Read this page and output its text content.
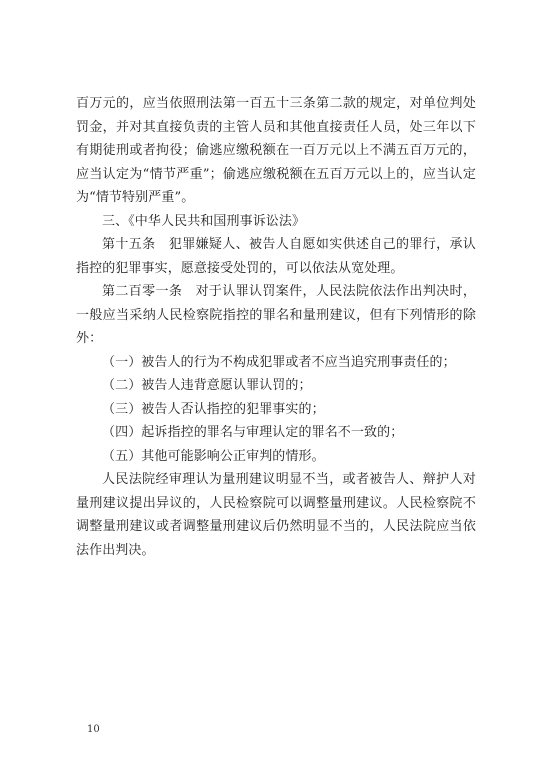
百万元的，应当依照刑法第一百五十三条第二款的规定，对单位判处罚金，并对其直接负责的主管人员和其他直接责任人员，处三年以下有期徒刑或者拘役；偷逃应缴税额在一百万元以上不满五百万元的，应当认定为“情节严重”；偷逃应缴税额在五百万元以上的，应当认定为“情节特别严重”。

三、《中华人民共和国刑事诉讼法》

第十五条　犯罪嫌疑人、被告人自愿如实供述自己的罪行，承认指控的犯罪事实，愿意接受处罚的，可以依法从宽处理。

第二百零一条　对于认罪认罚案件，人民法院依法作出判决时，一般应当采纳人民检察院指控的罪名和量刑建议，但有下列情形的除外：

（一）被告人的行为不构成犯罪或者不应当追究刑事责任的；

（二）被告人违背意愿认罪认罚的；

（三）被告人否认指控的犯罪事实的；

（四）起诉指控的罪名与审理认定的罪名不一致的；

（五）其他可能影响公正审判的情形。

人民法院经审理认为量刑建议明显不当，或者被告人、辩护人对量刑建议提出异议的，人民检察院可以调整量刑建议。人民检察院不调整量刑建议或者调整量刑建议后仍然明显不当的，人民法院应当依法作出判决。

10
